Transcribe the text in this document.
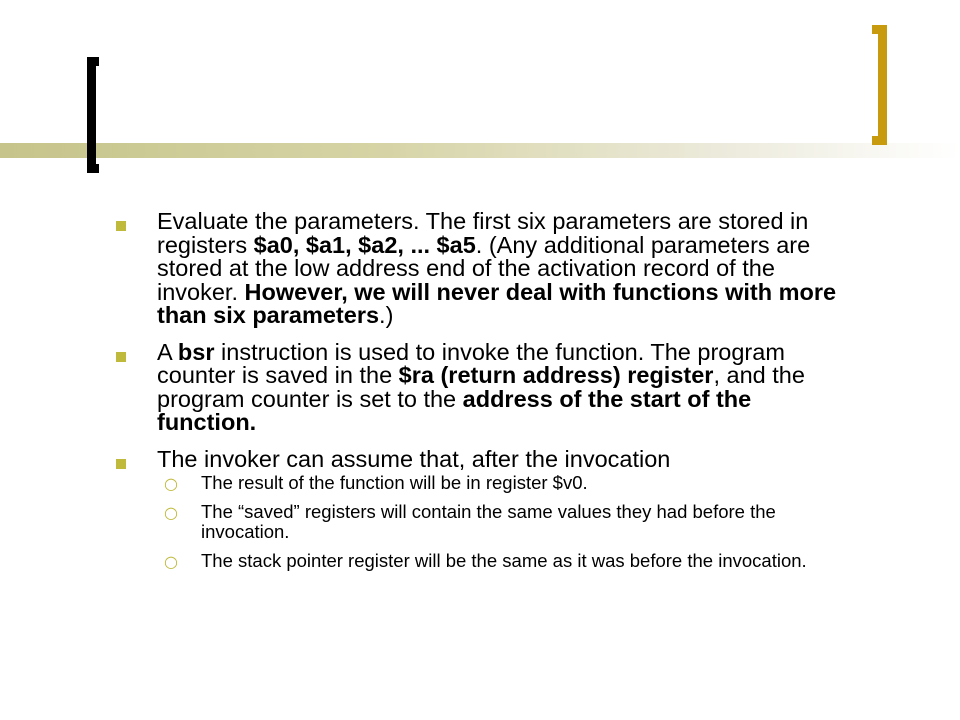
Evaluate the parameters. The first six parameters are stored in registers $a0, $a1, $a2, ... $a5. (Any additional parameters are stored at the low address end of the activation record of the invoker. However, we will never deal with functions with more than six parameters.)
A bsr instruction is used to invoke the function. The program counter is saved in the $ra (return address) register, and the program counter is set to the address of the start of the function.
The invoker can assume that, after the invocation
○ The result of the function will be in register $v0.
○ The “saved” registers will contain the same values they had before the invocation.
○ The stack pointer register will be the same as it was before the invocation.
